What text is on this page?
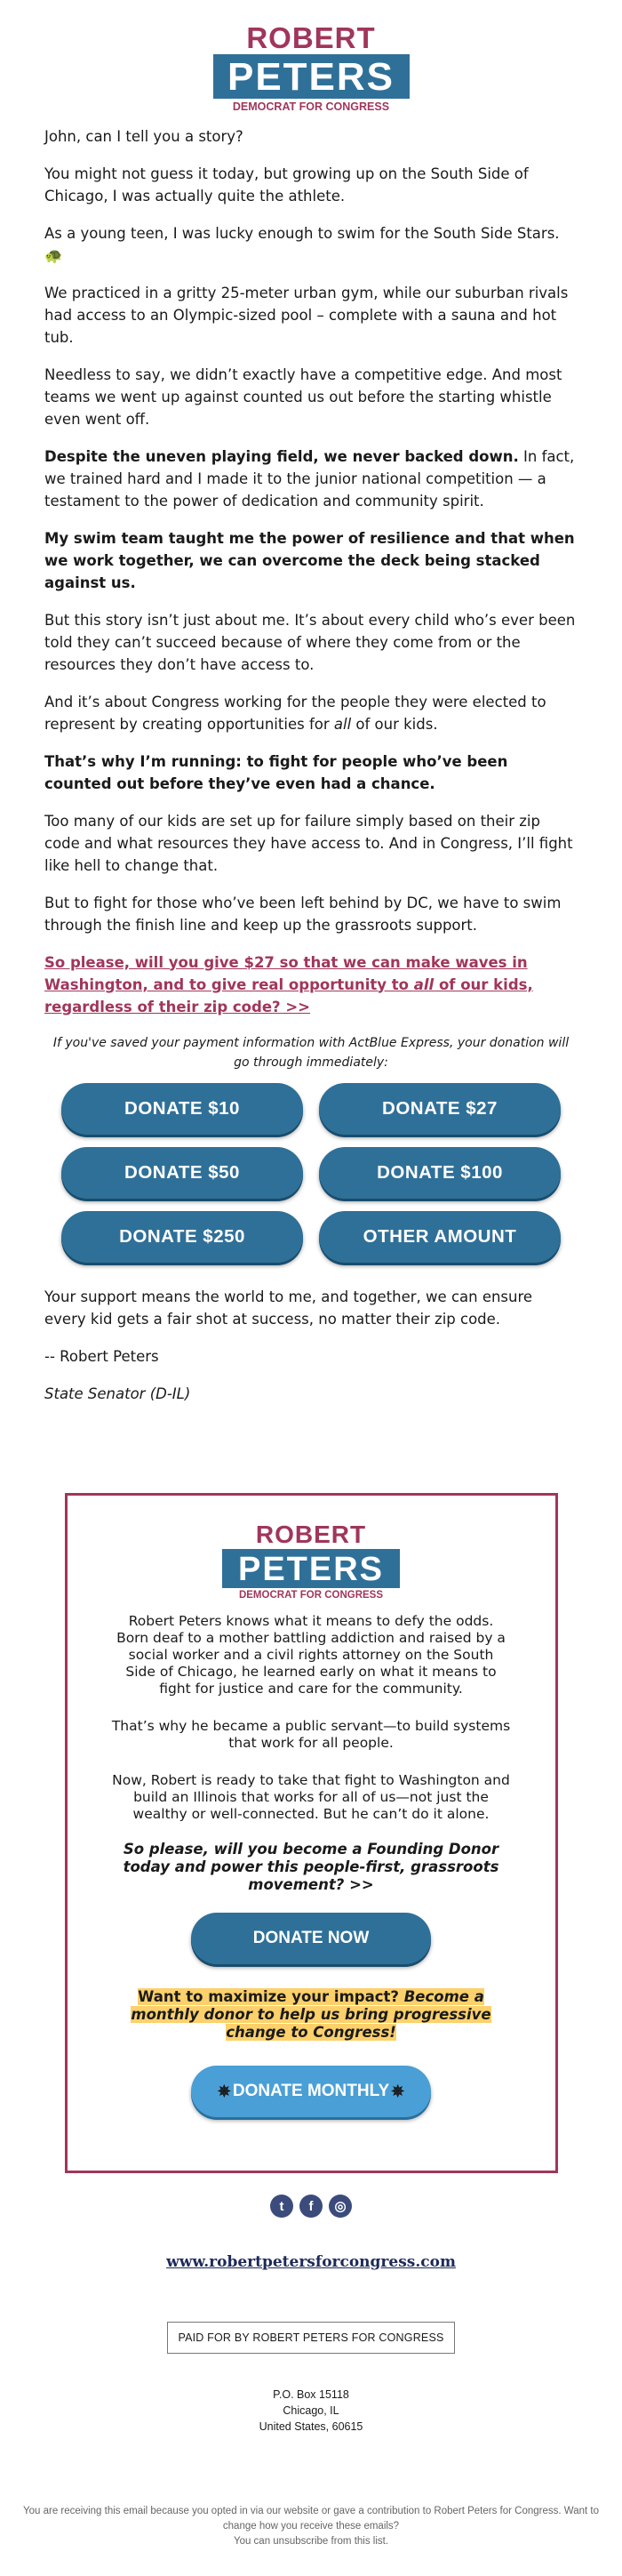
ROBERT
PETERS
DEMOCRAT FOR CONGRESS

John, can I tell you a story?

You might not guess it today, but growing up on the South Side of Chicago, I was actually quite the athlete.

As a young teen, I was lucky enough to swim for the South Side Stars. 🐢

We practiced in a gritty 25-meter urban gym, while our suburban rivals had access to an Olympic-sized pool – complete with a sauna and hot tub.

Needless to say, we didn’t exactly have a competitive edge. And most teams we went up against counted us out before the starting whistle even went off.

Despite the uneven playing field, we never backed down. In fact, we trained hard and I made it to the junior national competition — a testament to the power of dedication and community spirit.

My swim team taught me the power of resilience and that when we work together, we can overcome the deck being stacked against us.

But this story isn’t just about me. It’s about every child who’s ever been told they can’t succeed because of where they come from or the resources they don’t have access to.

And it’s about Congress working for the people they were elected to represent by creating opportunities for all of our kids.

That’s why I’m running: to fight for people who’ve been counted out before they’ve even had a chance.

Too many of our kids are set up for failure simply based on their zip code and what resources they have access to. And in Congress, I’ll fight like hell to change that.

But to fight for those who’ve been left behind by DC, we have to swim through the finish line and keep up the grassroots support.

So please, will you give $27 so that we can make waves in Washington, and to give real opportunity to all of our kids, regardless of their zip code? >>

If you've saved your payment information with ActBlue Express, your donation will go through immediately:
DONATE $10	DONATE $27
DONATE $50	DONATE $100
DONATE $250	OTHER AMOUNT

Your support means the world to me, and together, we can ensure every kid gets a fair shot at success, no matter their zip code.

-- Robert Peters

State Senator (D-IL)

ROBERT
PETERS
DEMOCRAT FOR CONGRESS

Robert Peters knows what it means to defy the odds. Born deaf to a mother battling addiction and raised by a social worker and a civil rights attorney on the South Side of Chicago, he learned early on what it means to fight for justice and care for the community.

That’s why he became a public servant—to build systems that work for all people.

Now, Robert is ready to take that fight to Washington and build an Illinois that works for all of us—not just the wealthy or well-connected. But he can’t do it alone.

So please, will you become a Founding Donor today and power this people-first, grassroots movement? >>

DONATE NOW
Want to maximize your impact? Become a monthly donor to help us bring progressive change to Congress!
✵ DONATE MONTHLY ✵
t	f	◎
www.robertpetersforcongress.com
PAID FOR BY ROBERT PETERS FOR CONGRESS
P.O. Box 15118
Chicago, IL
United States, 60615
You are receiving this email because you opted in via our website or gave a contribution to Robert Peters for Congress. Want to change how you receive these emails?
You can unsubscribe from this list.
